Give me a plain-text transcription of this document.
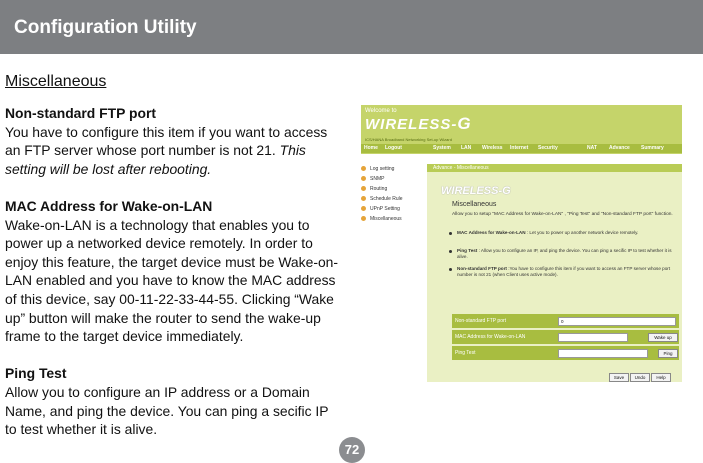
Configuration Utility
Miscellaneous
Non-standard FTP port

You have to configure this item if you want to access an FTP server whose port number is not 21. This setting will be lost after rebooting.

MAC Address for Wake-on-LAN

Wake-on-LAN is a technology that enables you to power up a networked device remotely. In order to enjoy this feature, the target device must be Wake-on-LAN enabled and you have to know the MAC address of this device, say 00-11-22-33-44-55. Clicking “Wake up” button will make the router to send the wake-up frame to the target device immediately.

Ping Test

Allow you to configure an IP address or a Domain Name, and ping the device. You can ping a secific IP to test whether it is alive.

Welcome to
WIRELESS-G
ICS/HANA Broadband Networking Set-up Wizard
Home Logout	System LAN Wireless Internet Security	NAT Advance Summary
Log setting
SNMP
Routing
Schedule Rule
UPnP Setting
Miscellaneous
Advance - Miscellaneous
WIRELESS-G
Miscellaneous
Allow you to setup "MAC Address for Wake-on-LAN" , "Ping Test" and "Non-standard FTP port" function.
MAC Address for Wake-on-LAN : Let you to power up another network device remotely.
Ping Test : Allow you to configure an IP, and ping the device. You can ping a secific IP to test whether it is alive.
Non-standard FTP port :You have to configure this item if you want to access an FTP server whose port number is not 21 (when Client uses active mode).
Non-standard FTP port	0
MAC Address for Wake-on-LAN	Wake up
Ping Test	Ping
Save	Undo	Help
72
